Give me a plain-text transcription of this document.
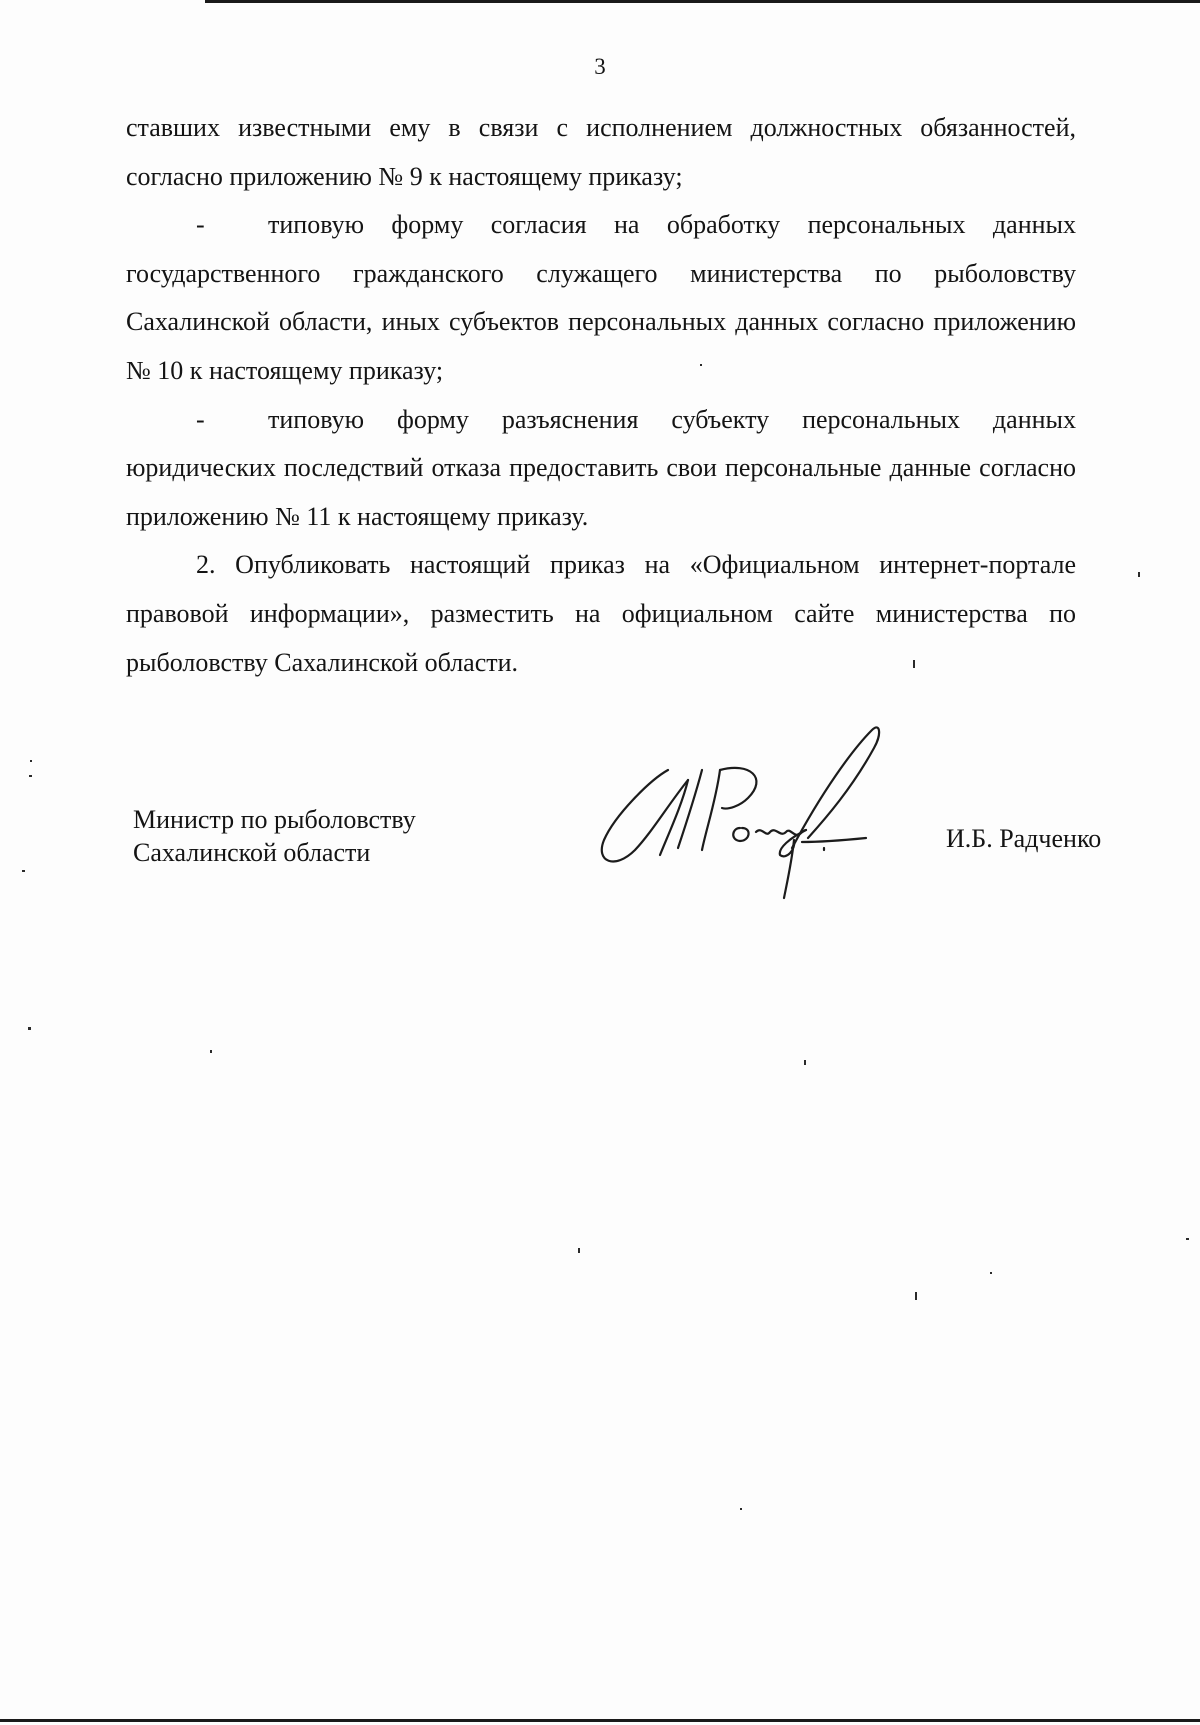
3

ставших известными ему в связи с исполнением должностных обязанностей, согласно приложению № 9 к настоящему приказу;

- типовую форму согласия на обработку персональных данных государственного гражданского служащего министерства по рыболовству Сахалинской области, иных субъектов персональных данных согласно приложению № 10 к настоящему приказу;

- типовую форму разъяснения субъекту персональных данных юридических последствий отказа предоставить свои персональные данные согласно приложению № 11 к настоящему приказу.

2. Опубликовать настоящий приказ на «Официальном интернет-портале правовой информации», разместить на официальном сайте министерства по рыболовству Сахалинской области.

Министр по рыболовству
Сахалинской области	И.Б. Радченко
